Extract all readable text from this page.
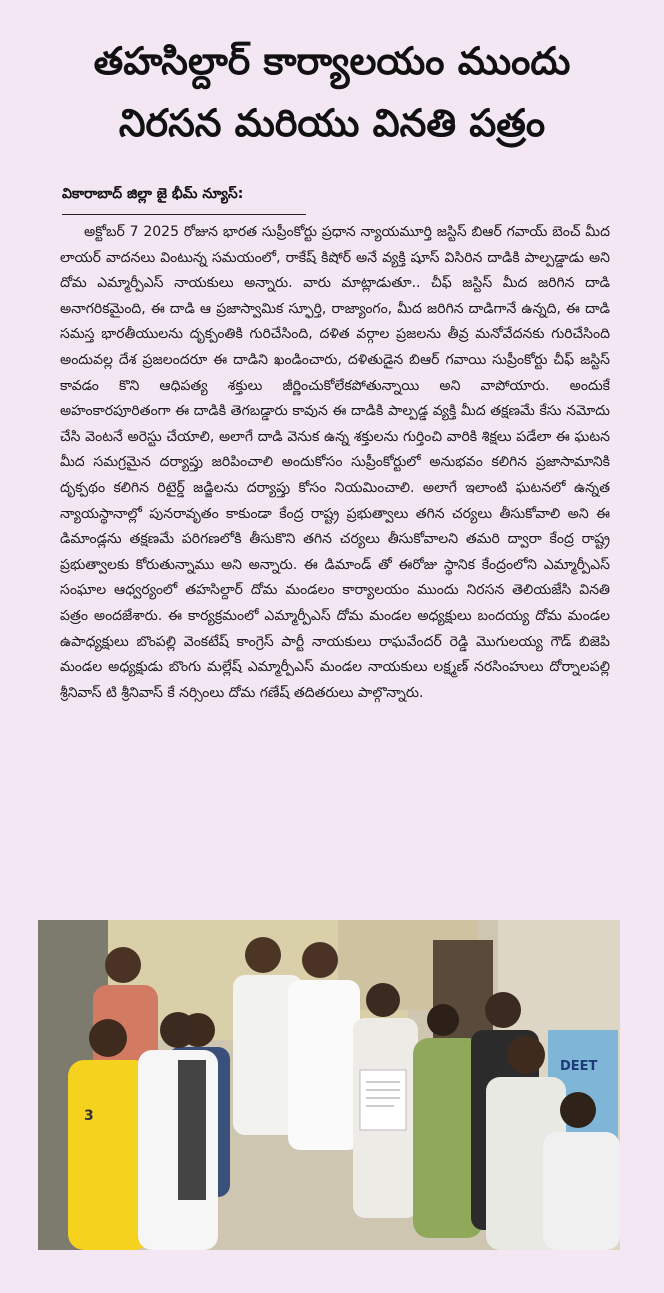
తహసిల్దార్ కార్యాలయం ముందు
నిరసన మరియు వినతి పత్రం
వికారాబాద్ జిల్లా జై భీమ్ న్యూస్:
అక్టోబర్ 7 2025 రోజున భారత సుప్రీంకోర్టు ప్రధాన న్యాయమూర్తి జస్టిస్ బిఆర్ గవాయ్ బెంచ్ మీద లాయర్ వాదనలు వింటున్న సమయంలో, రాకేష్ కిషోర్ అనే వ్యక్తి షూస్ విసిరిన దాడికి పాల్పడ్డాడు అని దోమ ఎమ్మార్పీఎస్ నాయకులు అన్నారు. వారు మాట్లాడుతూ.. చీఫ్ జస్టిస్ మీద జరిగిన దాడి అనాగరికమైంది, ఈ దాడి ఆ ప్రజాస్వామిక స్ఫూర్తి, రాజ్యాంగం, మీద జరిగిన దాడిగానే ఉన్నది, ఈ దాడి సమస్త భారతీయులను దృక్పంతికి గురిచేసింది, దళిత వర్గాల ప్రజలను తీవ్ర మనోవేదనకు గురిచేసింది అందువల్ల దేశ ప్రజలందరూ ఈ దాడిని ఖండించారు, దళితుడైన బిఆర్ గవాయి సుప్రీంకోర్టు చీఫ్ జస్టిస్ కావడం కొని ఆధిపత్య శక్తులు జీర్ణించుకోలేకపోతున్నాయి అని వాపోయారు. అందుకే అహంకారపూరితంగా ఈ దాడికి తెగబడ్డారు కావున ఈ దాడికి పాల్పడ్డ వ్యక్తి మీద తక్షణమే కేసు నమోదు చేసి వెంటనే అరెస్టు చేయాలి, అలాగే దాడి వెనుక ఉన్న శక్తులను గుర్తించి వారికి శిక్షలు పడేలా ఈ ఘటన మీద సమగ్రమైన దర్యాప్తు జరిపించాలి అందుకోసం సుప్రీంకోర్టులో అనుభవం కలిగిన ప్రజాసామానికి దృక్పథం కలిగిన రిటైర్డ్ జడ్జిలను దర్యాప్తు కోసం నియమించాలి. అలాగే ఇలాంటి ఘటనలో ఉన్నత న్యాయస్థానాల్లో పునరావృతం కాకుండా కేంద్ర రాష్ట్ర ప్రభుత్వాలు తగిన చర్యలు తీసుకోవాలి అని ఈ డిమాండ్లను తక్షణమే పరిగణలోకి తీసుకొని తగిన చర్యలు తీసుకోవాలని తమరి ద్వారా కేంద్ర రాష్ట్ర ప్రభుత్వాలకు కోరుతున్నాము అని అన్నారు. ఈ డిమాండ్ తో ఈరోజు స్థానిక కేంద్రంలోని ఎమ్మార్పీఎస్ సంఘాల ఆధ్వర్యంలో తహసిల్దార్ దోమ మండలం కార్యాలయం ముందు నిరసన తెలియజేసి వినతి పత్రం అందజేశారు. ఈ కార్యక్రమంలో ఎమ్మార్పీఎస్ దోమ మండల అధ్యక్షులు బందయ్య దోమ మండల ఉపాధ్యక్షులు బొంపల్లి వెంకటేష్ కాంగ్రెస్ పార్టీ నాయకులు రాఘవేందర్ రెడ్డి మొగులయ్య గౌడ్ బిజెపి మండల అధ్యక్షుడు బొంగు మల్లేష్ ఎమ్మార్పీఎస్ మండల నాయకులు లక్ష్మణ్ నరసింహులు దోర్నాలపల్లి శ్రీనివాస్ టి శ్రీనివాస్ కే నర్సింలు దోమ గణేష్ తదితరులు పాల్గొన్నారు.
DEET
3
